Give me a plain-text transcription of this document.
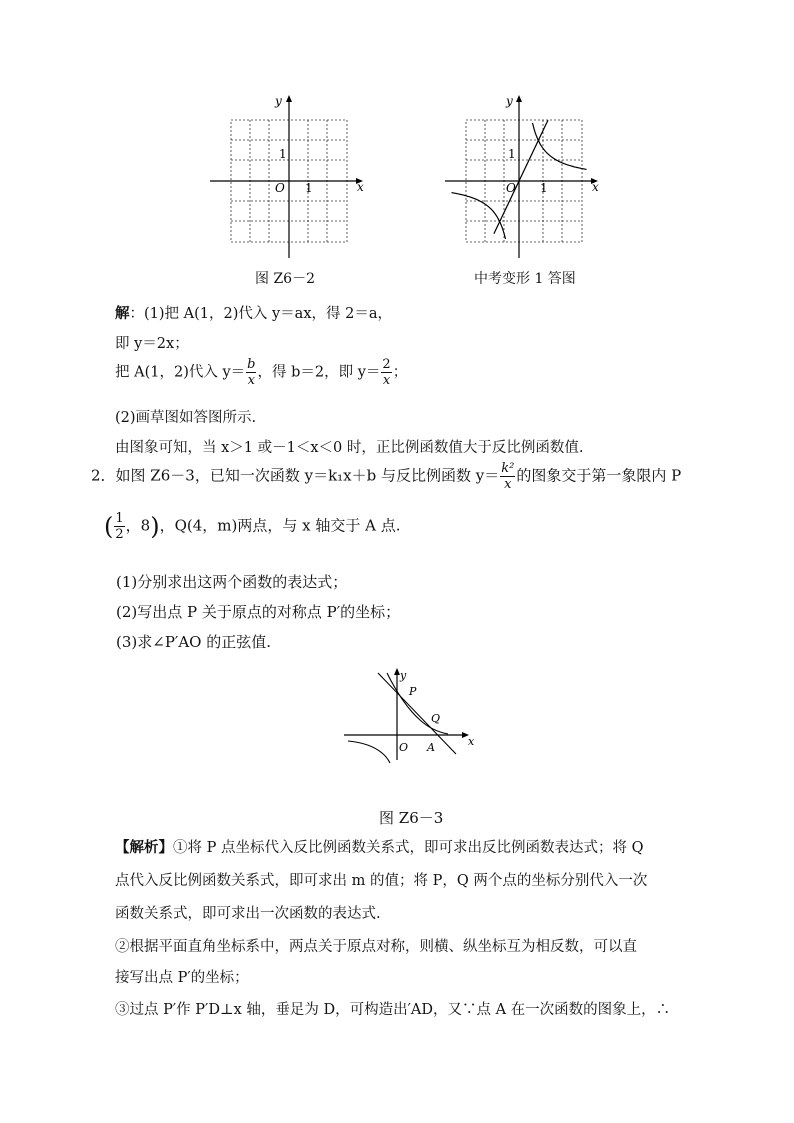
x
y
O 1
1
图 Z6－2
x
y
O 1
1
中考变形 1 答图
解：(1)把 A(1，2)代入 y＝ax，得 2＝a，
即 y＝2x；
把 A(1，2)代入 $y= \frac{b}{x}$ ，得 b＝2，即 $y= \frac{2}{x}$ ；
(2)画草图如答图所示.
由图象可知，当 x＞1 或－1＜x＜0 时，正比例函数值大于反比例函数值.
2．如图 Z6－3，已知一次函数 y＝k₁x＋b 与反比例函数 $y= \frac{\text{k²}}{x}$ 的图象交于第一象限内 P
( $\frac{1}{2}$ ，8)，Q(4，m)两点，与 x 轴交于 A 点.
(1)分别求出这两个函数的表达式；
(2)写出点 P 关于原点的对称点 P′的坐标；
(3)求∠P′AO 的正弦值.
y
x
O
P
Q
A
图 Z6－3
【解析】①将 P 点坐标代入反比例函数关系式，即可求出反比例函数表达式；将 Q
点代入反比例函数关系式，即可求出 m 的值；将 P，Q 两个点的坐标分别代入一次
函数关系式，即可求出一次函数的表达式.
②根据平面直角坐标系中，两点关于原点对称，则横、纵坐标互为相反数，可以直
接写出点 P′的坐标；
③过点 P′作 P′D⊥x 轴，垂足为 D，可构造出′AD，又∵点 A 在一次函数的图象上，∴
